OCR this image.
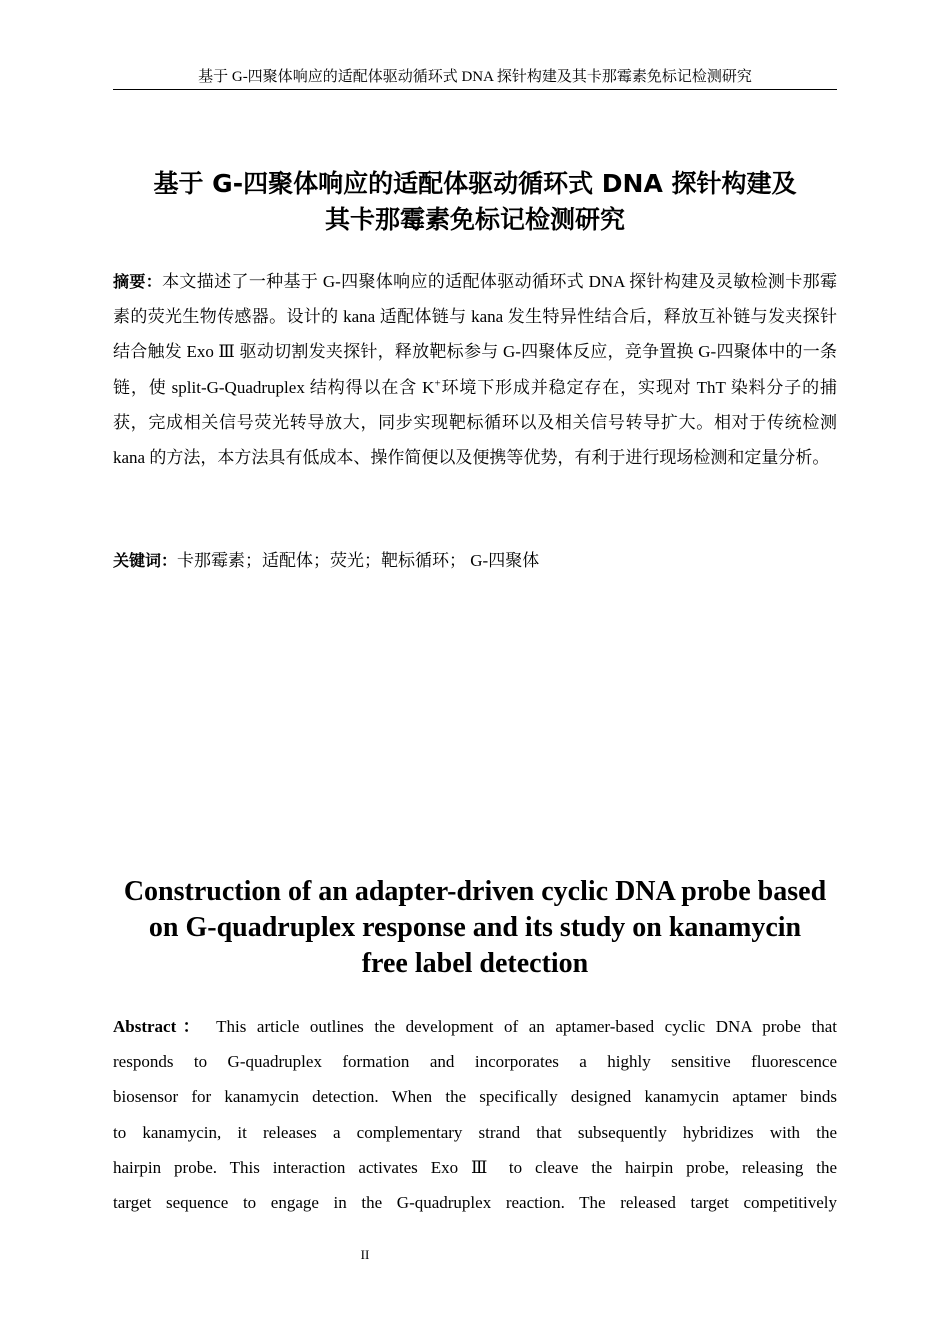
基于 G-四聚体响应的适配体驱动循环式 DNA 探针构建及其卡那霉素免标记检测研究
基于 G-四聚体响应的适配体驱动循环式 DNA 探针构建及
其卡那霉素免标记检测研究
摘要：本文描述了一种基于 G-四聚体响应的适配体驱动循环式 DNA 探针构建及灵敏检测卡那霉素的荧光生物传感器。设计的 kana 适配体链与 kana 发生特异性结合后，释放互补链与发夹探针结合触发 Exo Ⅲ 驱动切割发夹探针，释放靶标参与 G-四聚体反应，竞争置换 G-四聚体中的一条链，使 split-G-Quadruplex 结构得以在含 K+环境下形成并稳定存在，实现对 ThT 染料分子的捕获，完成相关信号荧光转导放大，同步实现靶标循环以及相关信号转导扩大。相对于传统检测 kana 的方法，本方法具有低成本、操作简便以及便携等优势，有利于进行现场检测和定量分析。
关键词：卡那霉素；适配体；荧光；靶标循环； G-四聚体
Construction of an adapter-driven cyclic DNA probe based
on G-quadruplex response and its study on kanamycin
free label detection
Abstract： This article outlines the development of an aptamer-based cyclic DNA probe that
responds to G-quadruplex formation and incorporates a highly sensitive fluorescence
biosensor for kanamycin detection. When the specifically designed kanamycin aptamer binds
to kanamycin, it releases a complementary strand that subsequently hybridizes with the
hairpin probe. This interaction activates Exo Ⅲ to cleave the hairpin probe, releasing the
target sequence to engage in the G-quadruplex reaction. The released target competitively
II
